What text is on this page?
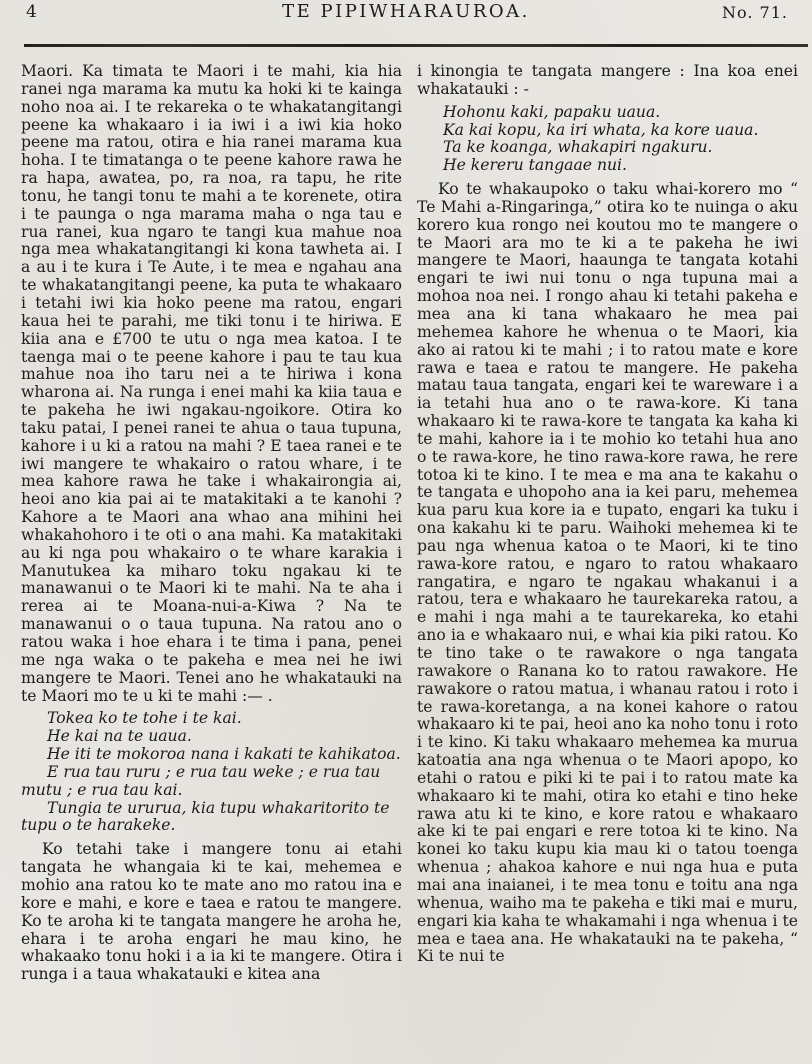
4	TE PIPIWHARAUROA.	No. 71.

Maori. Ka timata te Maori i te mahi, kia hia ranei nga marama ka mutu ka hoki ki te kainga noho noa ai. I te rekareka o te whakatangitangi peene ka whakaaro i ia iwi i a iwi kia hoko peene ma ratou, otira e hia ranei marama kua hoha. I te timatanga o te peene kahore rawa he ra hapa, awatea, po, ra noa, ra tapu, he rite tonu, he tangi tonu te mahi a te korenete, otira i te paunga o nga marama maha o nga tau e rua ranei, kua ngaro te tangi kua mahue noa nga mea whakatangitangi ki kona tawheta ai. I a au i te kura i Te Aute, i te mea e ngahau ana te whakatangitangi peene, ka puta te whakaaro i tetahi iwi kia hoko peene ma ratou, engari kaua hei te parahi, me tiki tonu i te hiriwa. E kiia ana e £700 te utu o nga mea katoa. I te taenga mai o te peene kahore i pau te tau kua mahue noa iho taru nei a te hiriwa i kona wharona ai. Na runga i enei mahi ka kiia taua e te pakeha he iwi ngakau-ngoikore. Otira ko taku patai, I penei ranei te ahua o taua tupuna, kahore i u ki a ratou na mahi ? E taea ranei e te iwi mangere te whakairo o ratou whare, i te mea kahore rawa he take i whakairongia ai, heoi ano kia pai ai te matakitaki a te kanohi ? Kahore a te Maori ana whao ana mihini hei whakahohoro i te oti o ana mahi. Ka matakitaki au ki nga pou whakairo o te whare karakia i Manutukea ka miharo toku ngakau ki te manawanui o te Maori ki te mahi. Na te aha i rerea ai te Moana-nui-a-Kiwa ? Na te manawanui o o taua tupuna. Na ratou ano o ratou waka i hoe ehara i te tima i pana, penei me nga waka o te pakeha e mea nei he iwi mangere te Maori. Tenei ano he whakatauki na te Maori mo te u ki te mahi :— .

Tokea ko te tohe i te kai.

He kai na te uaua.

He iti te mokoroa nana i kakati te kahikatoa.

E rua tau ruru ; e rua tau weke ; e rua tau mutu ; e rua tau kai.

Tungia te ururua, kia tupu whakaritorito te tupu o te harakeke.

Ko tetahi take i mangere tonu ai etahi tangata he whangaia ki te kai, mehemea e mohio ana ratou ko te mate ano mo ratou ina e kore e mahi, e kore e taea e ratou te mangere. Ko te aroha ki te tangata mangere he aroha he, ehara i te aroha engari he mau kino, he whakaako tonu hoki i a ia ki te mangere. Otira i runga i a taua whakatauki e kitea ana

i kinongia te tangata mangere : Ina koa enei whakatauki : -

Hohonu kaki, papaku uaua.

Ka kai kopu, ka iri whata, ka kore uaua.

Ta ke koanga, whakapiri ngakuru.

He kereru tangaae nui.

Ko te whakaupoko o taku whai-korero mo “ Te Mahi a-Ringaringa,” otira ko te nuinga o aku korero kua rongo nei koutou mo te mangere o te Maori ara mo te ki a te pakeha he iwi mangere te Maori, haaunga te tangata kotahi engari te iwi nui tonu o nga tupuna mai a mohoa noa nei. I rongo ahau ki tetahi pakeha e mea ana ki tana whakaaro he mea pai mehemea kahore he whenua o te Maori, kia ako ai ratou ki te mahi ; i to ratou mate e kore rawa e taea e ratou te mangere. He pakeha matau taua tangata, engari kei te wareware i a ia tetahi hua ano o te rawa-kore. Ki tana whakaaro ki te rawa-kore te tangata ka kaha ki te mahi, kahore ia i te mohio ko tetahi hua ano o te rawa-kore, he tino rawa-kore rawa, he rere totoa ki te kino. I te mea e ma ana te kakahu o te tangata e uhopoho ana ia kei paru, mehemea kua paru kua kore ia e tupato, engari ka tuku i ona kakahu ki te paru. Waihoki mehemea ki te pau nga whenua katoa o te Maori, ki te tino rawa-kore ratou, e ngaro to ratou whakaaro rangatira, e ngaro te ngakau whakanui i a ratou, tera e whakaaro he taurekareka ratou, a e mahi i nga mahi a te taurekareka, ko etahi ano ia e whakaaro nui, e whai kia piki ratou. Ko te tino take o te rawakore o nga tangata rawakore o Ranana ko to ratou rawakore. He rawakore o ratou matua, i whanau ratou i roto i te rawa-koretanga, a na konei kahore o ratou whakaaro ki te pai, heoi ano ka noho tonu i roto i te kino. Ki taku whakaaro mehemea ka murua katoatia ana nga whenua o te Maori apopo, ko etahi o ratou e piki ki te pai i to ratou mate ka whakaaro ki te mahi, otira ko etahi e tino heke rawa atu ki te kino, e kore ratou e whakaaro ake ki te pai engari e rere totoa ki te kino. Na konei ko taku kupu kia mau ki o tatou toenga whenua ; ahakoa kahore e nui nga hua e puta mai ana inaianei, i te mea tonu e toitu ana nga whenua, waiho ma te pakeha e tiki mai e muru, engari kia kaha te whakamahi i nga whenua i te mea e taea ana. He whakatauki na te pakeha, “ Ki te nui te
